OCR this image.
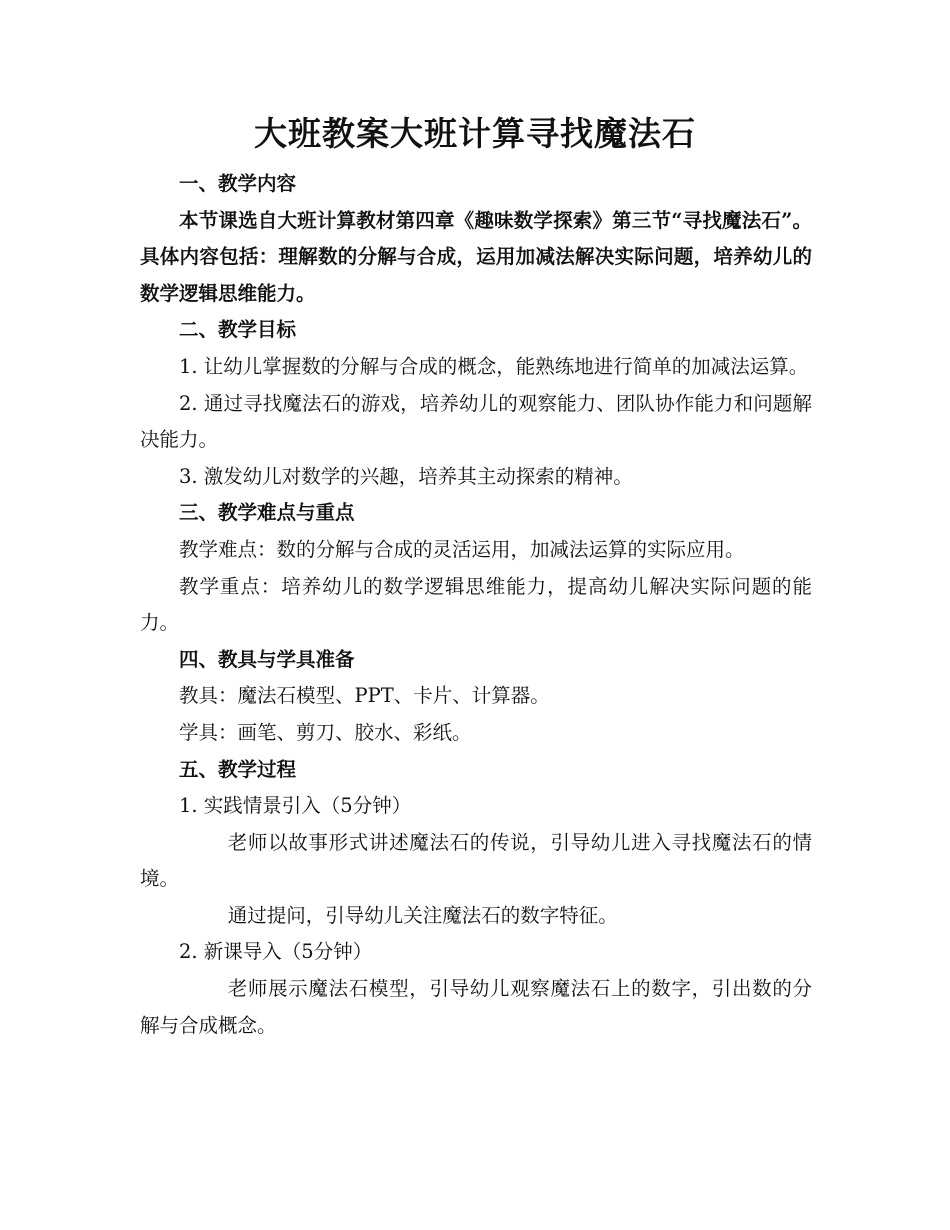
大班教案大班计算寻找魔法石

一、教学内容

本节课选自大班计算教材第四章《趣味数学探索》第三节“寻找魔法石”。具体内容包括：理解数的分解与合成，运用加减法解决实际问题，培养幼儿的数学逻辑思维能力。

二、教学目标

1. 让幼儿掌握数的分解与合成的概念，能熟练地进行简单的加减法运算。

2. 通过寻找魔法石的游戏，培养幼儿的观察能力、团队协作能力和问题解决能力。

3. 激发幼儿对数学的兴趣，培养其主动探索的精神。

三、教学难点与重点

教学难点：数的分解与合成的灵活运用，加减法运算的实际应用。

教学重点：培养幼儿的数学逻辑思维能力，提高幼儿解决实际问题的能力。

四、教具与学具准备

教具：魔法石模型、PPT、卡片、计算器。

学具：画笔、剪刀、胶水、彩纸。

五、教学过程

1. 实践情景引入（5分钟）

老师以故事形式讲述魔法石的传说，引导幼儿进入寻找魔法石的情境。

通过提问，引导幼儿关注魔法石的数字特征。

2. 新课导入（5分钟）

老师展示魔法石模型，引导幼儿观察魔法石上的数字，引出数的分解与合成概念。
